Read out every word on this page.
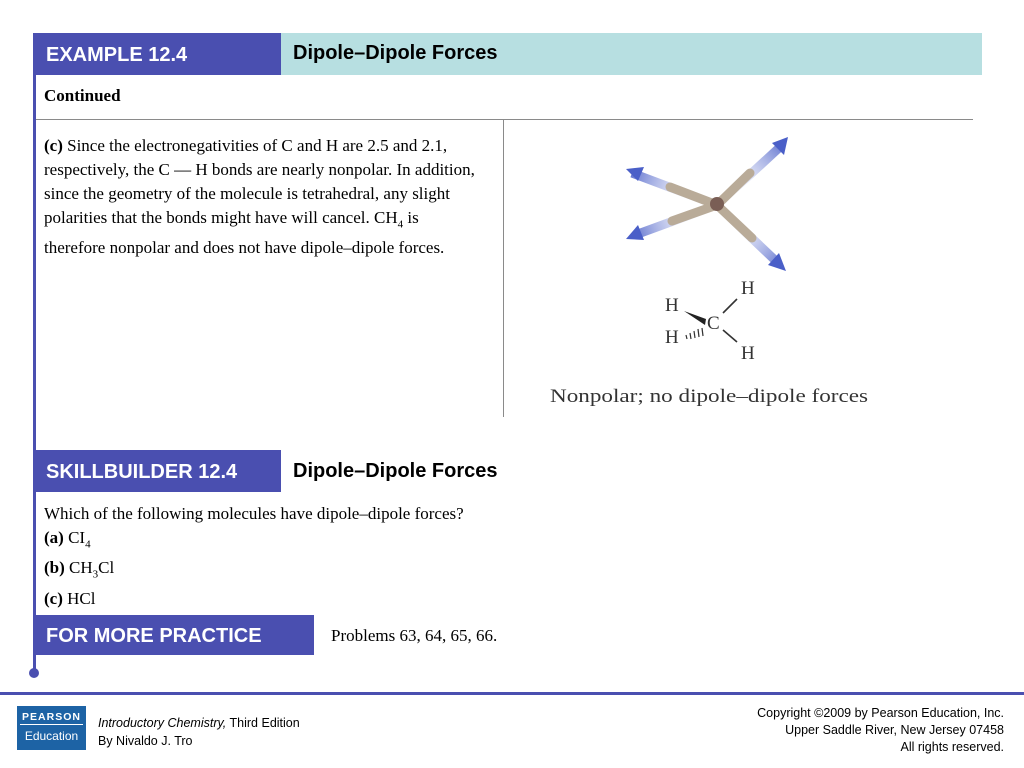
EXAMPLE 12.4	Dipole–Dipole Forces
Continued
(c) Since the electronegativities of C and H are 2.5 and 2.1, respectively, the C — H bonds are nearly nonpolar. In addition, since the geometry of the molecule is tetrahedral, any slight polarities that the bonds might have will cancel. $CH_4$ is therefore nonpolar and does not have dipole–dipole forces.
H
H
C
H
H
Nonpolar; no dipole–dipole forces
SKILLBUILDER 12.4	Dipole–Dipole Forces

Which of the following molecules have dipole–dipole forces?

(a) $CI_4$

(b) $CH_3Cl$

(c) HCl

FOR MORE PRACTICE	Problems 63, 64, 65, 66.
PEARSON
Education
Introductory Chemistry, Third Edition
By Nivaldo J. Tro
Copyright ©2009 by Pearson Education, Inc.
Upper Saddle River, New Jersey 07458
All rights reserved.
